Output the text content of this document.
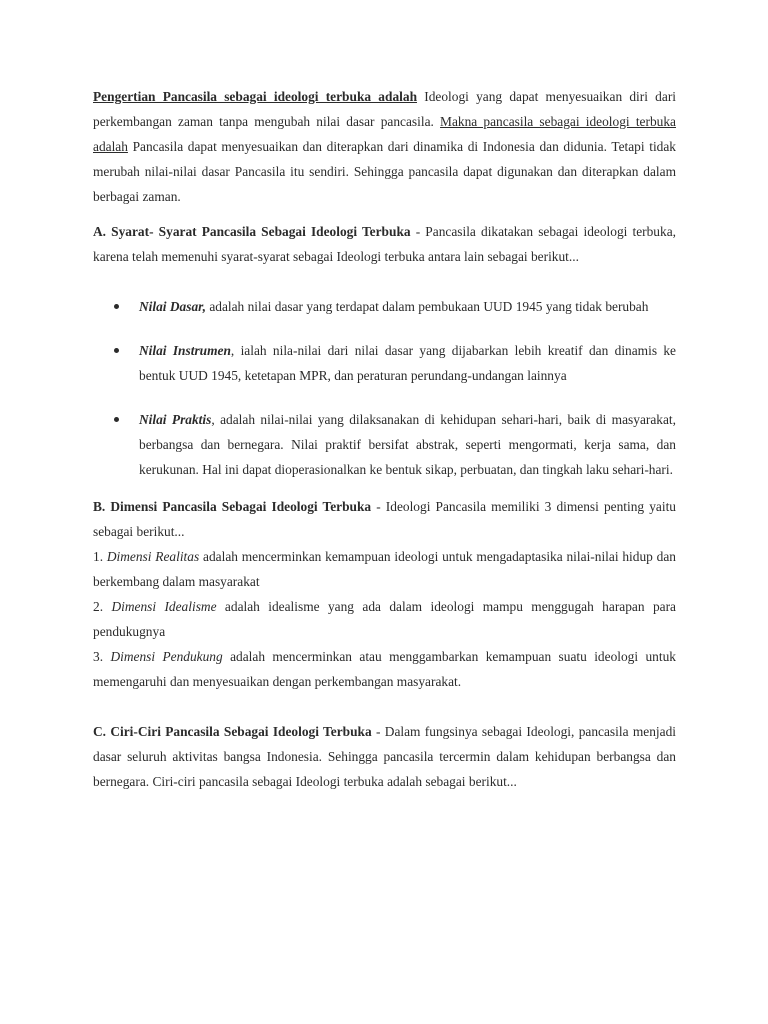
Pengertian Pancasila sebagai ideologi terbuka adalah Ideologi yang dapat menyesuaikan diri dari perkembangan zaman tanpa mengubah nilai dasar pancasila. Makna pancasila sebagai ideologi terbuka adalah Pancasila dapat menyesuaikan dan diterapkan dari dinamika di Indonesia dan didunia. Tetapi tidak merubah nilai-nilai dasar Pancasila itu sendiri. Sehingga pancasila dapat digunakan dan diterapkan dalam berbagai zaman.

A. Syarat- Syarat Pancasila Sebagai Ideologi Terbuka - Pancasila dikatakan sebagai ideologi terbuka, karena telah memenuhi syarat-syarat sebagai Ideologi terbuka antara lain sebagai berikut...

Nilai Dasar, adalah nilai dasar yang terdapat dalam pembukaan UUD 1945 yang tidak berubah
Nilai Instrumen, ialah nila-nilai dari nilai dasar yang dijabarkan lebih kreatif dan dinamis ke bentuk UUD 1945, ketetapan MPR, dan peraturan perundang-undangan lainnya
Nilai Praktis, adalah nilai-nilai yang dilaksanakan di kehidupan sehari-hari, baik di masyarakat, berbangsa dan bernegara. Nilai praktif bersifat abstrak, seperti mengormati, kerja sama, dan kerukunan. Hal ini dapat dioperasionalkan ke bentuk sikap, perbuatan, dan tingkah laku sehari-hari.

B. Dimensi Pancasila Sebagai Ideologi Terbuka - Ideologi Pancasila memiliki 3 dimensi penting yaitu sebagai berikut...

1. Dimensi Realitas adalah mencerminkan kemampuan ideologi untuk mengadaptasika nilai-nilai hidup dan berkembang dalam masyarakat

2. Dimensi Idealisme adalah idealisme yang ada dalam ideologi mampu menggugah harapan para pendukugnya

3. Dimensi Pendukung adalah mencerminkan atau menggambarkan kemampuan suatu ideologi untuk memengaruhi dan menyesuaikan dengan perkembangan masyarakat.

C. Ciri-Ciri Pancasila Sebagai Ideologi Terbuka - Dalam fungsinya sebagai Ideologi, pancasila menjadi dasar seluruh aktivitas bangsa Indonesia. Sehingga pancasila tercermin dalam kehidupan berbangsa dan bernegara. Ciri-ciri pancasila sebagai Ideologi terbuka adalah sebagai berikut...
